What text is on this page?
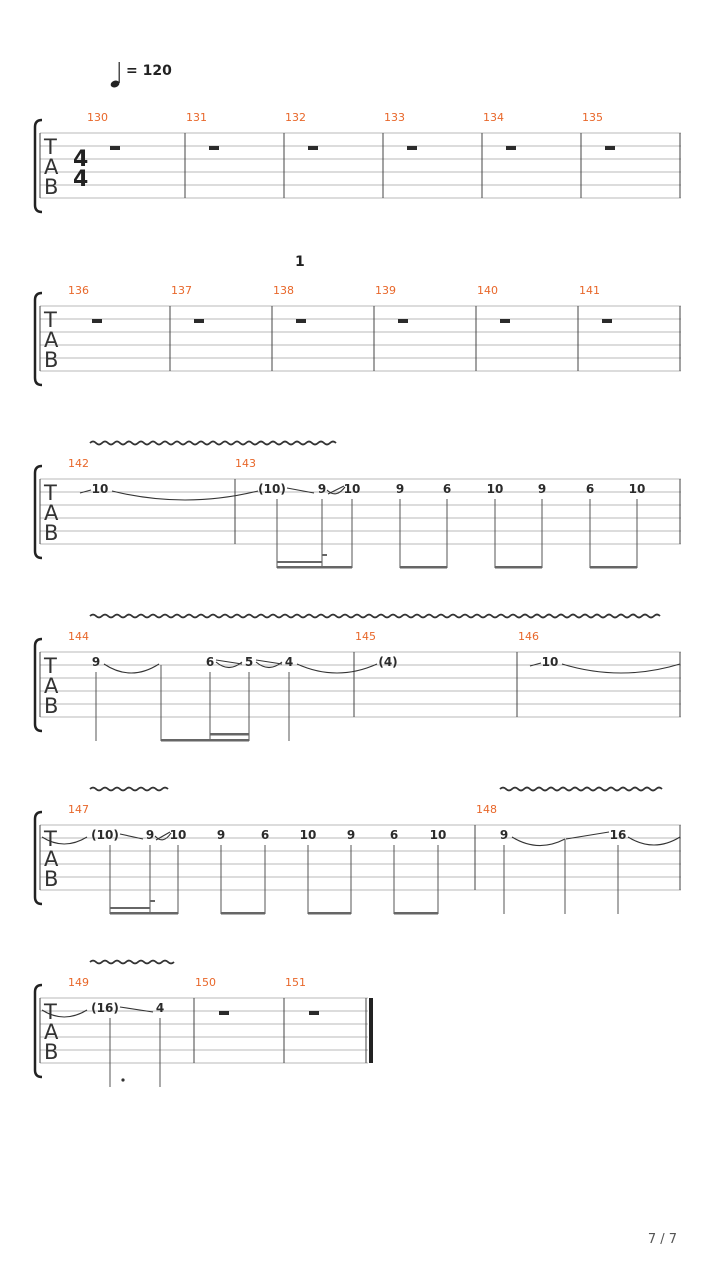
= 120
T
A
B
4
4
130	131	132	133	134	135
1
T
A
B
136	137	138	139	140	141
T
A
B
142	143
10	(10)	9 10	9	6	10	9	6	10
T
A
B
144	145	146
9	6	5	4	(4)	10
T
A
B
147	148
(10) 9 10	9	6	10	9	6	10	9	16
T
A
B
149	150	151
(16)	4
7 / 7
